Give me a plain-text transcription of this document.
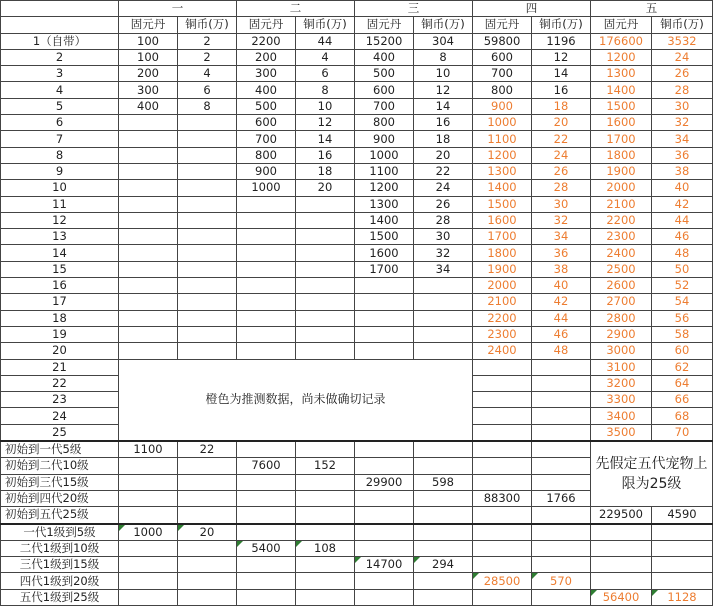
	一		二		三		四		五	
	固元丹	铜币(万)	固元丹	铜币(万)	固元丹	铜币(万)	固元丹	铜币(万)	固元丹	铜币(万)
1（自带）	100	2	2200	44	15200	304	59800	1196	176600	3532
2	100	2	200	4	400	8	600	12	1200	24
3	200	4	300	6	500	10	700	14	1300	26
4	300	6	400	8	600	12	800	16	1400	28
5	400	8	500	10	700	14	900	18	1500	30
6			600	12	800	16	1000	20	1600	32
7			700	14	900	18	1100	22	1700	34
8			800	16	1000	20	1200	24	1800	36
9			900	18	1100	22	1300	26	1900	38
10			1000	20	1200	24	1400	28	2000	40
11					1300	26	1500	30	2100	42
12					1400	28	1600	32	2200	44
13					1500	30	1700	34	2300	46
14					1600	32	1800	36	2400	48
15					1700	34	1900	38	2500	50
16							2000	40	2600	52
17							2100	42	2700	54
18							2200	44	2800	56
19							2300	46	2900	58
20							2400	48	3000	60
21	橙色为推测数据，尚未做确切记录								3100	62
22									3200	64
23									3300	66
24									3400	68
25									3500	70
初始到一代5级	1100	22							先假定五代宠物上限为25级	
初始到二代10级			7600	152						
初始到三代15级					29900	598				
初始到四代20级							88300	1766		
初始到五代25级									229500	4590
一代1级到5级	1000	20								
二代1级到10级			5400	108						
三代1级到15级					14700	294				
四代1级到20级							28500	570		
五代1级到25级									56400	1128
